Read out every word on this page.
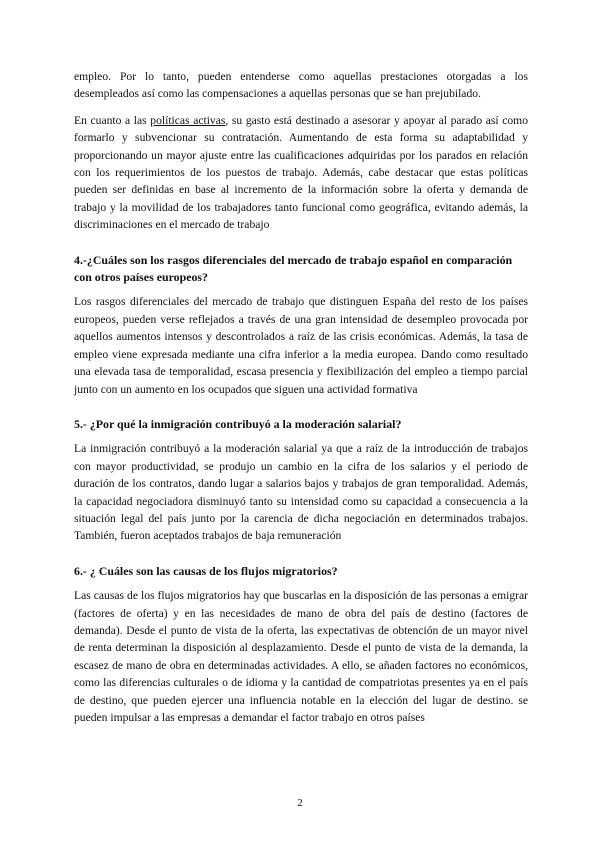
empleo. Por lo tanto, pueden entenderse como aquellas prestaciones otorgadas a los desempleados así como las compensaciones a aquellas personas que se han prejubilado.

En cuanto a las políticas activas, su gasto está destinado a asesorar y apoyar al parado así como formarlo y subvencionar su contratación. Aumentando de esta forma su adaptabilidad y proporcionando un mayor ajuste entre las cualificaciones adquiridas por los parados en relación con los requerimientos de los puestos de trabajo. Además, cabe destacar que estas políticas pueden ser definidas en base al incremento de la información sobre la oferta y demanda de trabajo y la movilidad de los trabajadores tanto funcional como geográfica, evitando además, la discriminaciones en el mercado de trabajo

4.-¿Cuáles son los rasgos diferenciales del mercado de trabajo español en comparación con otros países europeos?

Los rasgos diferenciales del mercado de trabajo que distinguen España del resto de los países europeos, pueden verse reflejados a través de una gran intensidad de desempleo provocada por aquellos aumentos intensos y descontrolados a raíz de las crisis económicas. Además, la tasa de empleo viene expresada mediante una cifra inferior a la media europea. Dando como resultado una elevada tasa de temporalidad, escasa presencia y flexibilización del empleo a tiempo parcial junto con un aumento en los ocupados que siguen una actividad formativa

5.- ¿Por qué la inmigración contribuyó a la moderación salarial?

La inmigración contribuyó a la moderación salarial ya que a raíz de la introducción de trabajos con mayor productividad, se produjo un cambio en la cifra de los salarios y el periodo de duración de los contratos, dando lugar a salarios bajos y trabajos de gran temporalidad. Además, la capacidad negociadora disminuyó tanto su intensidad como su capacidad a consecuencia a la situación legal del país junto por la carencia de dicha negociación en determinados trabajos. También, fueron aceptados trabajos de baja remuneración

6.- ¿ Cuáles son las causas de los flujos migratorios?

Las causas de los flujos migratorios hay que buscarlas en la disposición de las personas a emigrar (factores de oferta) y en las necesidades de mano de obra del país de destino (factores de demanda). Desde el punto de vista de la oferta, las expectativas de obtención de un mayor nivel de renta determinan la disposición al desplazamiento. Desde el punto de vista de la demanda, la escasez de mano de obra en determinadas actividades. A ello, se añaden factores no económicos, como las diferencias culturales o de idioma y la cantidad de compatriotas presentes ya en el país de destino, que pueden ejercer una influencia notable en la elección del lugar de destino. se pueden impulsar a las empresas a demandar el factor trabajo en otros países

2
